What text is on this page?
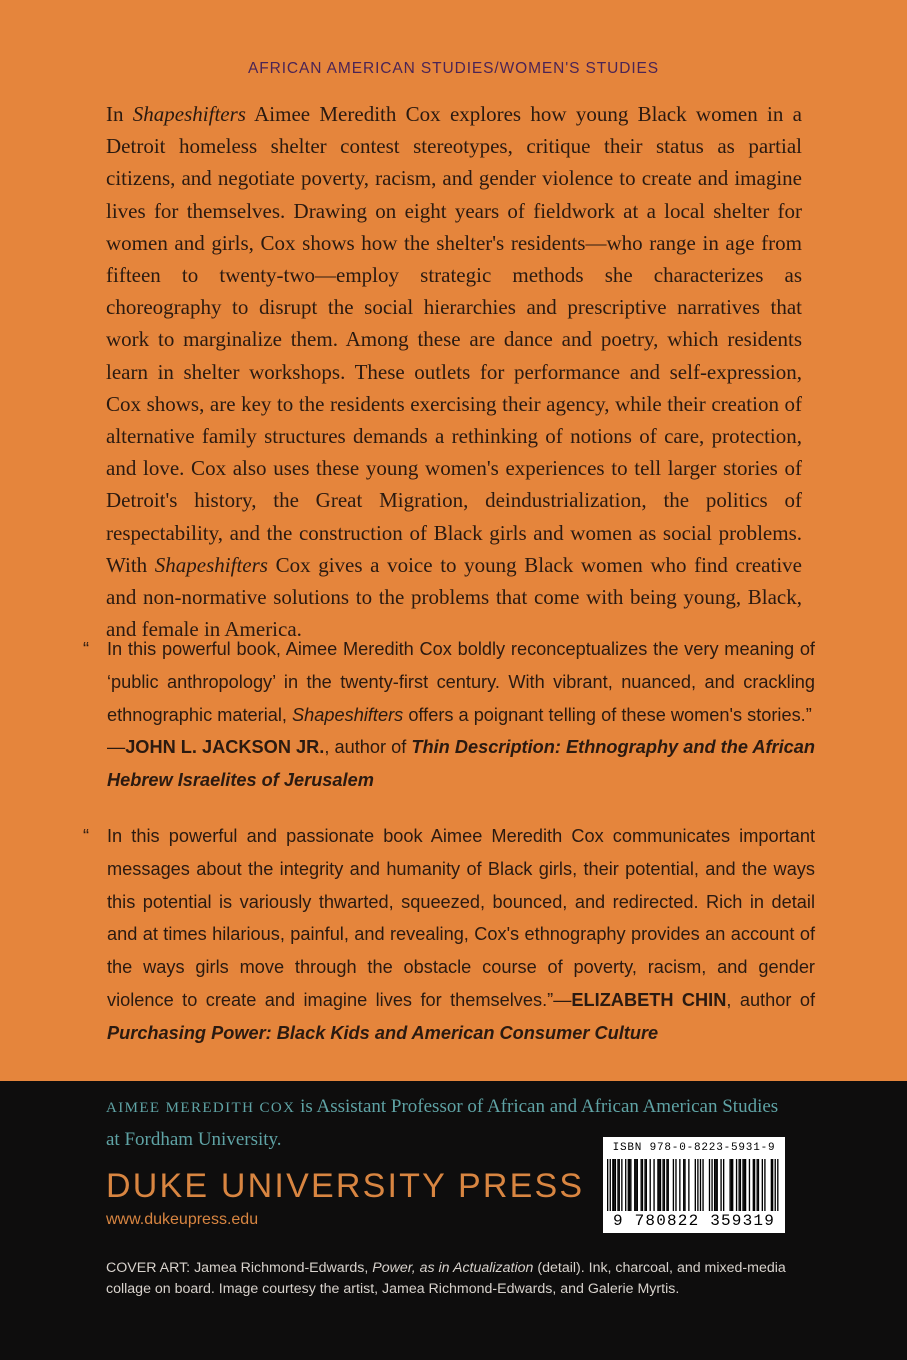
AFRICAN AMERICAN STUDIES/WOMEN'S STUDIES

In Shapeshifters Aimee Meredith Cox explores how young Black women in a Detroit homeless shelter contest stereotypes, critique their status as partial citizens, and negotiate poverty, racism, and gender violence to create and imagine lives for themselves. Drawing on eight years of fieldwork at a local shelter for women and girls, Cox shows how the shelter's residents—who range in age from fifteen to twenty-two—employ strategic methods she characterizes as choreography to disrupt the social hierarchies and prescriptive narratives that work to marginalize them. Among these are dance and poetry, which residents learn in shelter workshops. These outlets for performance and self-expression, Cox shows, are key to the residents exercising their agency, while their creation of alternative family structures demands a rethinking of notions of care, protection, and love. Cox also uses these young women's experiences to tell larger stories of Detroit's history, the Great Migration, deindustrialization, the politics of respectability, and the construction of Black girls and women as social problems. With Shapeshifters Cox gives a voice to young Black women who find creative and non-normative solutions to the problems that come with being young, Black, and female in America.

“ In this powerful book, Aimee Meredith Cox boldly reconceptualizes the very meaning of ‘public anthropology’ in the twenty-first century. With vibrant, nuanced, and crackling ethnographic material, Shapeshifters offers a poignant telling of these women's stories.”
—JOHN L. JACKSON JR., author of Thin Description: Ethnography and the African Hebrew Israelites of Jerusalem

“ In this powerful and passionate book Aimee Meredith Cox communicates important messages about the integrity and humanity of Black girls, their potential, and the ways this potential is variously thwarted, squeezed, bounced, and redirected. Rich in detail and at times hilarious, painful, and revealing, Cox's ethnography provides an account of the ways girls move through the obstacle course of poverty, racism, and gender violence to create and imagine lives for themselves.”—ELIZABETH CHIN, author of Purchasing Power: Black Kids and American Consumer Culture

AIMEE MEREDITH COX is Assistant Professor of African and African American Studies at Fordham University.

DUKE UNIVERSITY PRESS
www.dukeupress.edu
ISBN 978-0-8223-5931-9
9 780822 359319

COVER ART: Jamea Richmond-Edwards, Power, as in Actualization (detail). Ink, charcoal, and mixed-media collage on board. Image courtesy the artist, Jamea Richmond-Edwards, and Galerie Myrtis.
